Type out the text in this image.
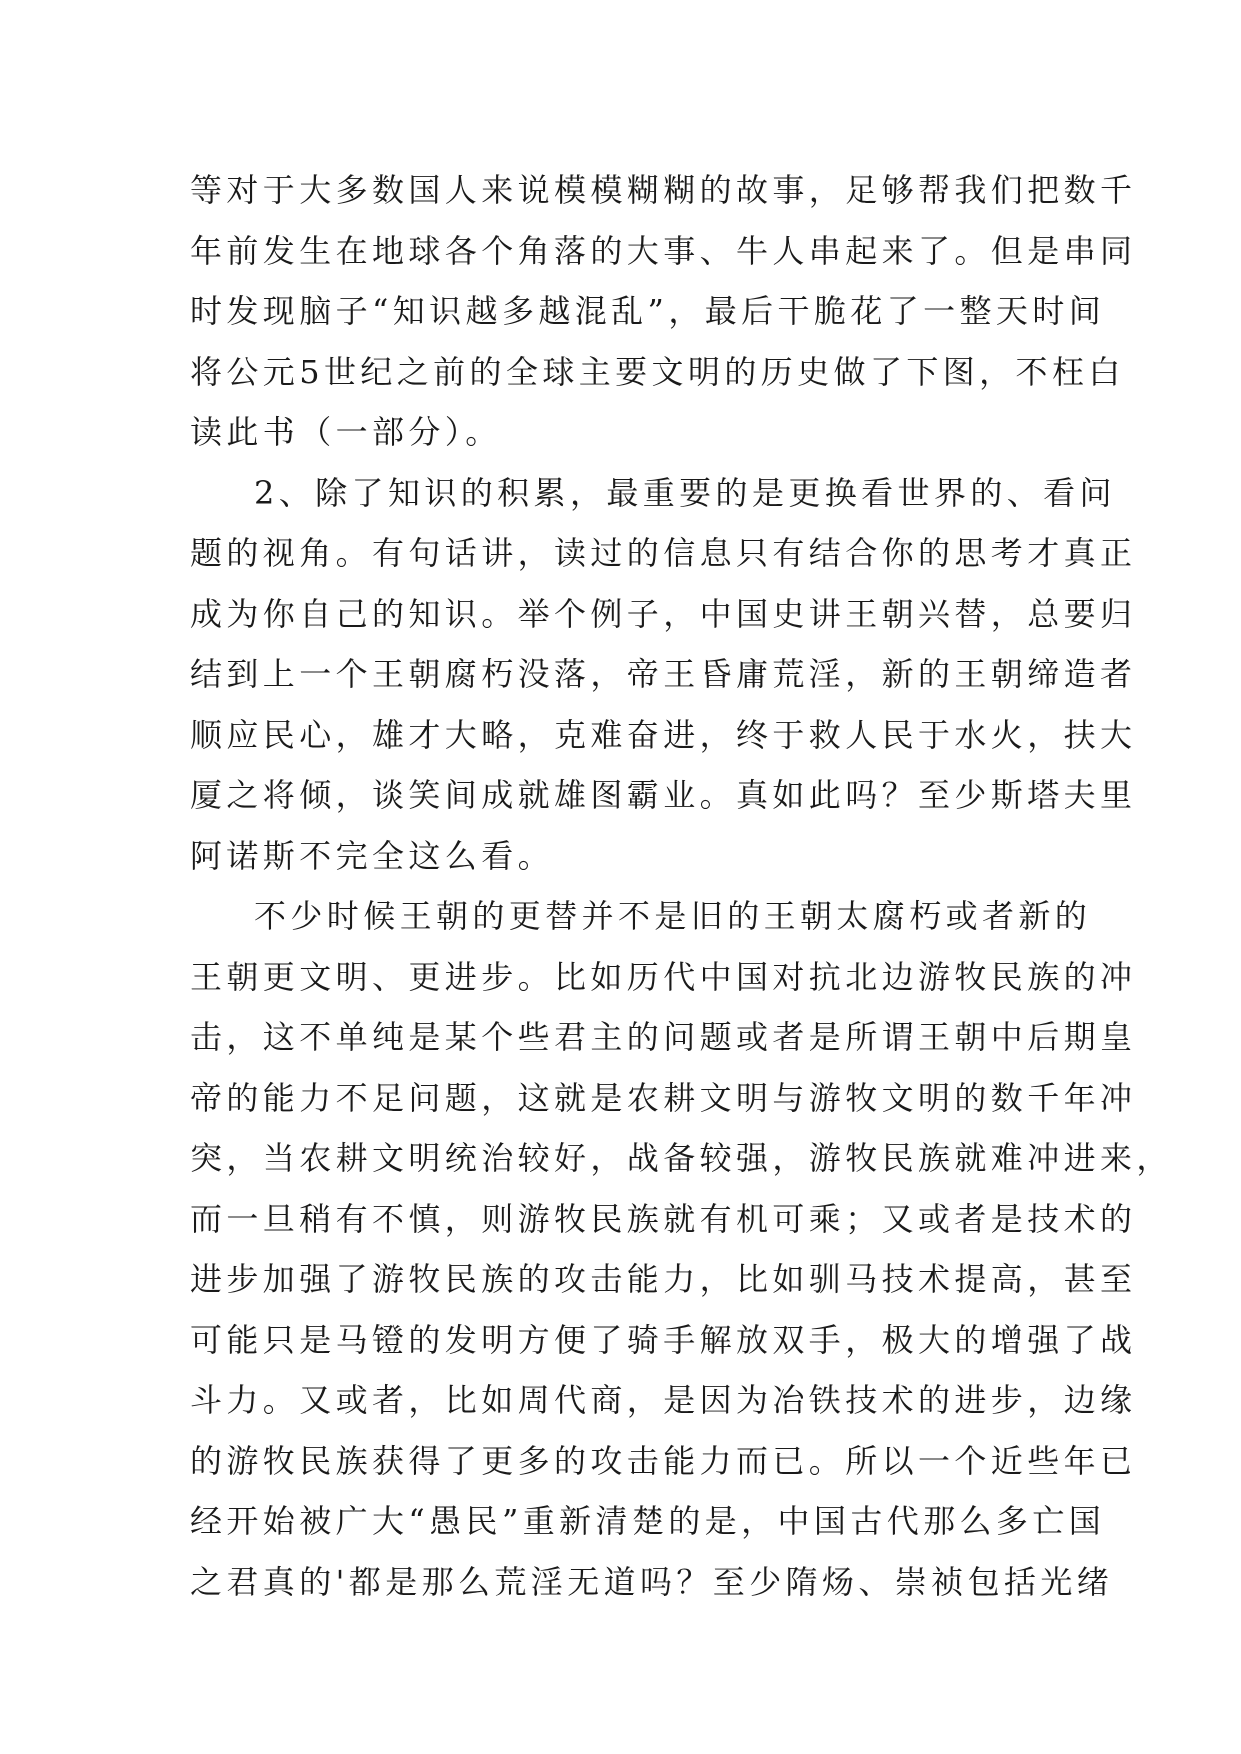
等对于大多数国人来说模模糊糊的故事，足够帮我们把数千
年前发生在地球各个角落的大事、牛人串起来了。但是串同
时发现脑子“知识越多越混乱”，最后干脆花了一整天时间
将公元5世纪之前的全球主要文明的历史做了下图，不枉白
读此书（一部分）。
2、除了知识的积累，最重要的是更换看世界的、看问
题的视角。有句话讲，读过的信息只有结合你的思考才真正
成为你自己的知识。举个例子，中国史讲王朝兴替，总要归
结到上一个王朝腐朽没落，帝王昏庸荒淫，新的王朝缔造者
顺应民心，雄才大略，克难奋进，终于救人民于水火，扶大
厦之将倾，谈笑间成就雄图霸业。真如此吗？至少斯塔夫里
阿诺斯不完全这么看。
不少时候王朝的更替并不是旧的王朝太腐朽或者新的
王朝更文明、更进步。比如历代中国对抗北边游牧民族的冲
击，这不单纯是某个些君主的问题或者是所谓王朝中后期皇
帝的能力不足问题，这就是农耕文明与游牧文明的数千年冲
突，当农耕文明统治较好，战备较强，游牧民族就难冲进来，
而一旦稍有不慎，则游牧民族就有机可乘；又或者是技术的
进步加强了游牧民族的攻击能力，比如驯马技术提高，甚至
可能只是马镫的发明方便了骑手解放双手，极大的增强了战
斗力。又或者，比如周代商，是因为冶铁技术的进步，边缘
的游牧民族获得了更多的攻击能力而已。所以一个近些年已
经开始被广大“愚民”重新清楚的是，中国古代那么多亡国
之君真的'都是那么荒淫无道吗？至少隋炀、崇祯包括光绪
